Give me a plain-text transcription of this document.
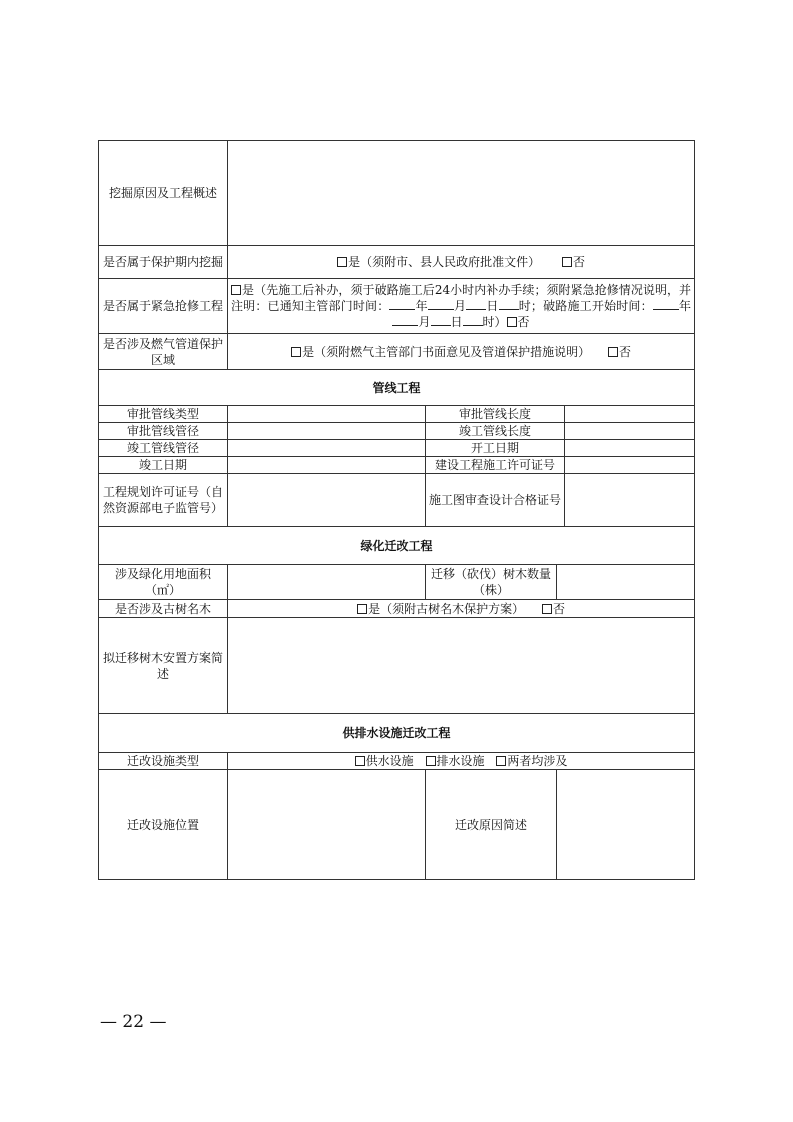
挖掘原因及工程概述				
是否属于保护期内挖掘	是（须附市、县人民政府批准文件） 否			
是否属于紧急抢修工程	是（先施工后补办，须于破路施工后24小时内补办手续；须附紧急抢修情况说明，并注明：已通知主管部门时间： 年 月 日 时；破路施工开始时间： 年月 日 时） 否			
是否涉及燃气管道保护区域	是（须附燃气主管部门书面意见及管道保护措施说明） 否			
管线工程				
审批管线类型		审批管线长度		
审批管线管径		竣工管线长度		
竣工管线管径		开工日期		
竣工日期		建设工程施工许可证号		
工程规划许可证号（自然资源部电子监管号）		施工图审查设计合格证号		
绿化迁改工程				
涉及绿化用地面积（㎡）		迁移（砍伐）树木数量（株）		
是否涉及古树名木	是（须附古树名木保护方案） 否			
拟迁移树木安置方案简述				
供排水设施迁改工程				
迁改设施类型	供水设施 排水设施 两者均涉及			
迁改设施位置		迁改原因简述		
— 22 —
